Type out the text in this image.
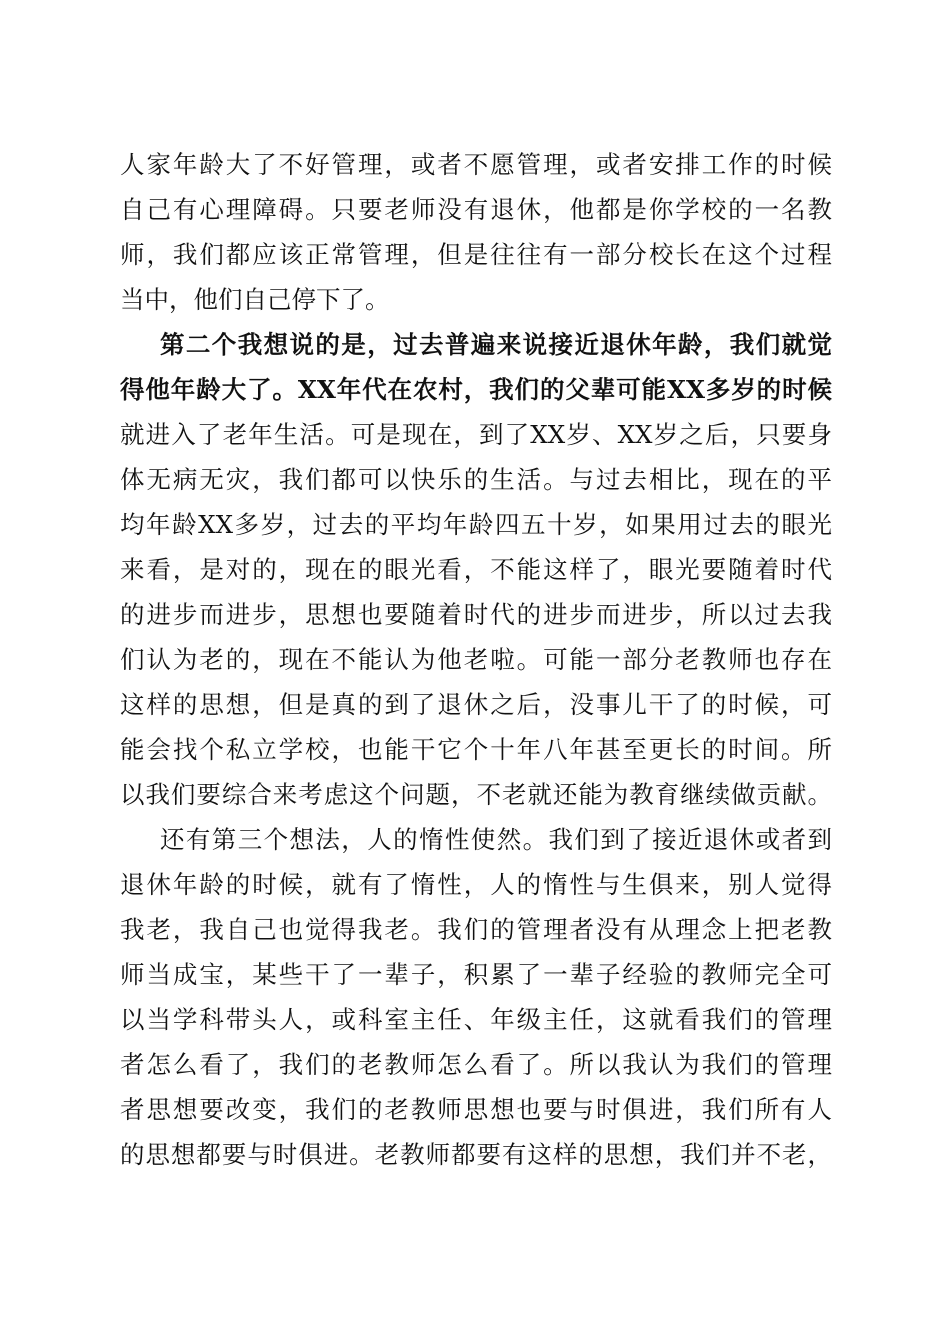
人家年龄大了不好管理，或者不愿管理，或者安排工作的时候
自己有心理障碍。只要老师没有退休，他都是你学校的一名教
师，我们都应该正常管理，但是往往有一部分校长在这个过程
当中，他们自己停下了。
第二个我想说的是，过去普遍来说接近退休年龄，我们就觉
得他年龄大了。XX年代在农村，我们的父辈可能XX多岁的时候
就进入了老年生活。可是现在，到了XX岁、XX岁之后，只要身
体无病无灾，我们都可以快乐的生活。与过去相比，现在的平
均年龄XX多岁，过去的平均年龄四五十岁，如果用过去的眼光
来看，是对的，现在的眼光看，不能这样了，眼光要随着时代
的进步而进步，思想也要随着时代的进步而进步，所以过去我
们认为老的，现在不能认为他老啦。可能一部分老教师也存在
这样的思想，但是真的到了退休之后，没事儿干了的时候，可
能会找个私立学校，也能干它个十年八年甚至更长的时间。所
以我们要综合来考虑这个问题，不老就还能为教育继续做贡献。
还有第三个想法，人的惰性使然。我们到了接近退休或者到
退休年龄的时候，就有了惰性，人的惰性与生俱来，别人觉得
我老，我自己也觉得我老。我们的管理者没有从理念上把老教
师当成宝，某些干了一辈子，积累了一辈子经验的教师完全可
以当学科带头人，或科室主任、年级主任，这就看我们的管理
者怎么看了，我们的老教师怎么看了。所以我认为我们的管理
者思想要改变，我们的老教师思想也要与时俱进，我们所有人
的思想都要与时俱进。老教师都要有这样的思想，我们并不老，
